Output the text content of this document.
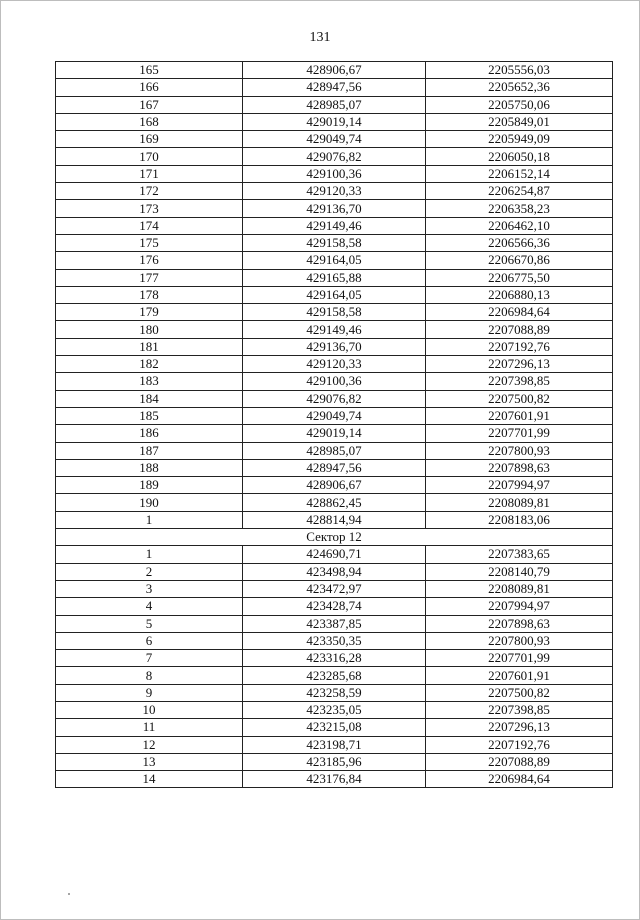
131
165	428906,67	2205556,03
166	428947,56	2205652,36
167	428985,07	2205750,06
168	429019,14	2205849,01
169	429049,74	2205949,09
170	429076,82	2206050,18
171	429100,36	2206152,14
172	429120,33	2206254,87
173	429136,70	2206358,23
174	429149,46	2206462,10
175	429158,58	2206566,36
176	429164,05	2206670,86
177	429165,88	2206775,50
178	429164,05	2206880,13
179	429158,58	2206984,64
180	429149,46	2207088,89
181	429136,70	2207192,76
182	429120,33	2207296,13
183	429100,36	2207398,85
184	429076,82	2207500,82
185	429049,74	2207601,91
186	429019,14	2207701,99
187	428985,07	2207800,93
188	428947,56	2207898,63
189	428906,67	2207994,97
190	428862,45	2208089,81
1	428814,94	2208183,06
Сектор 12		
1	424690,71	2207383,65
2	423498,94	2208140,79
3	423472,97	2208089,81
4	423428,74	2207994,97
5	423387,85	2207898,63
6	423350,35	2207800,93
7	423316,28	2207701,99
8	423285,68	2207601,91
9	423258,59	2207500,82
10	423235,05	2207398,85
11	423215,08	2207296,13
12	423198,71	2207192,76
13	423185,96	2207088,89
14	423176,84	2206984,64
